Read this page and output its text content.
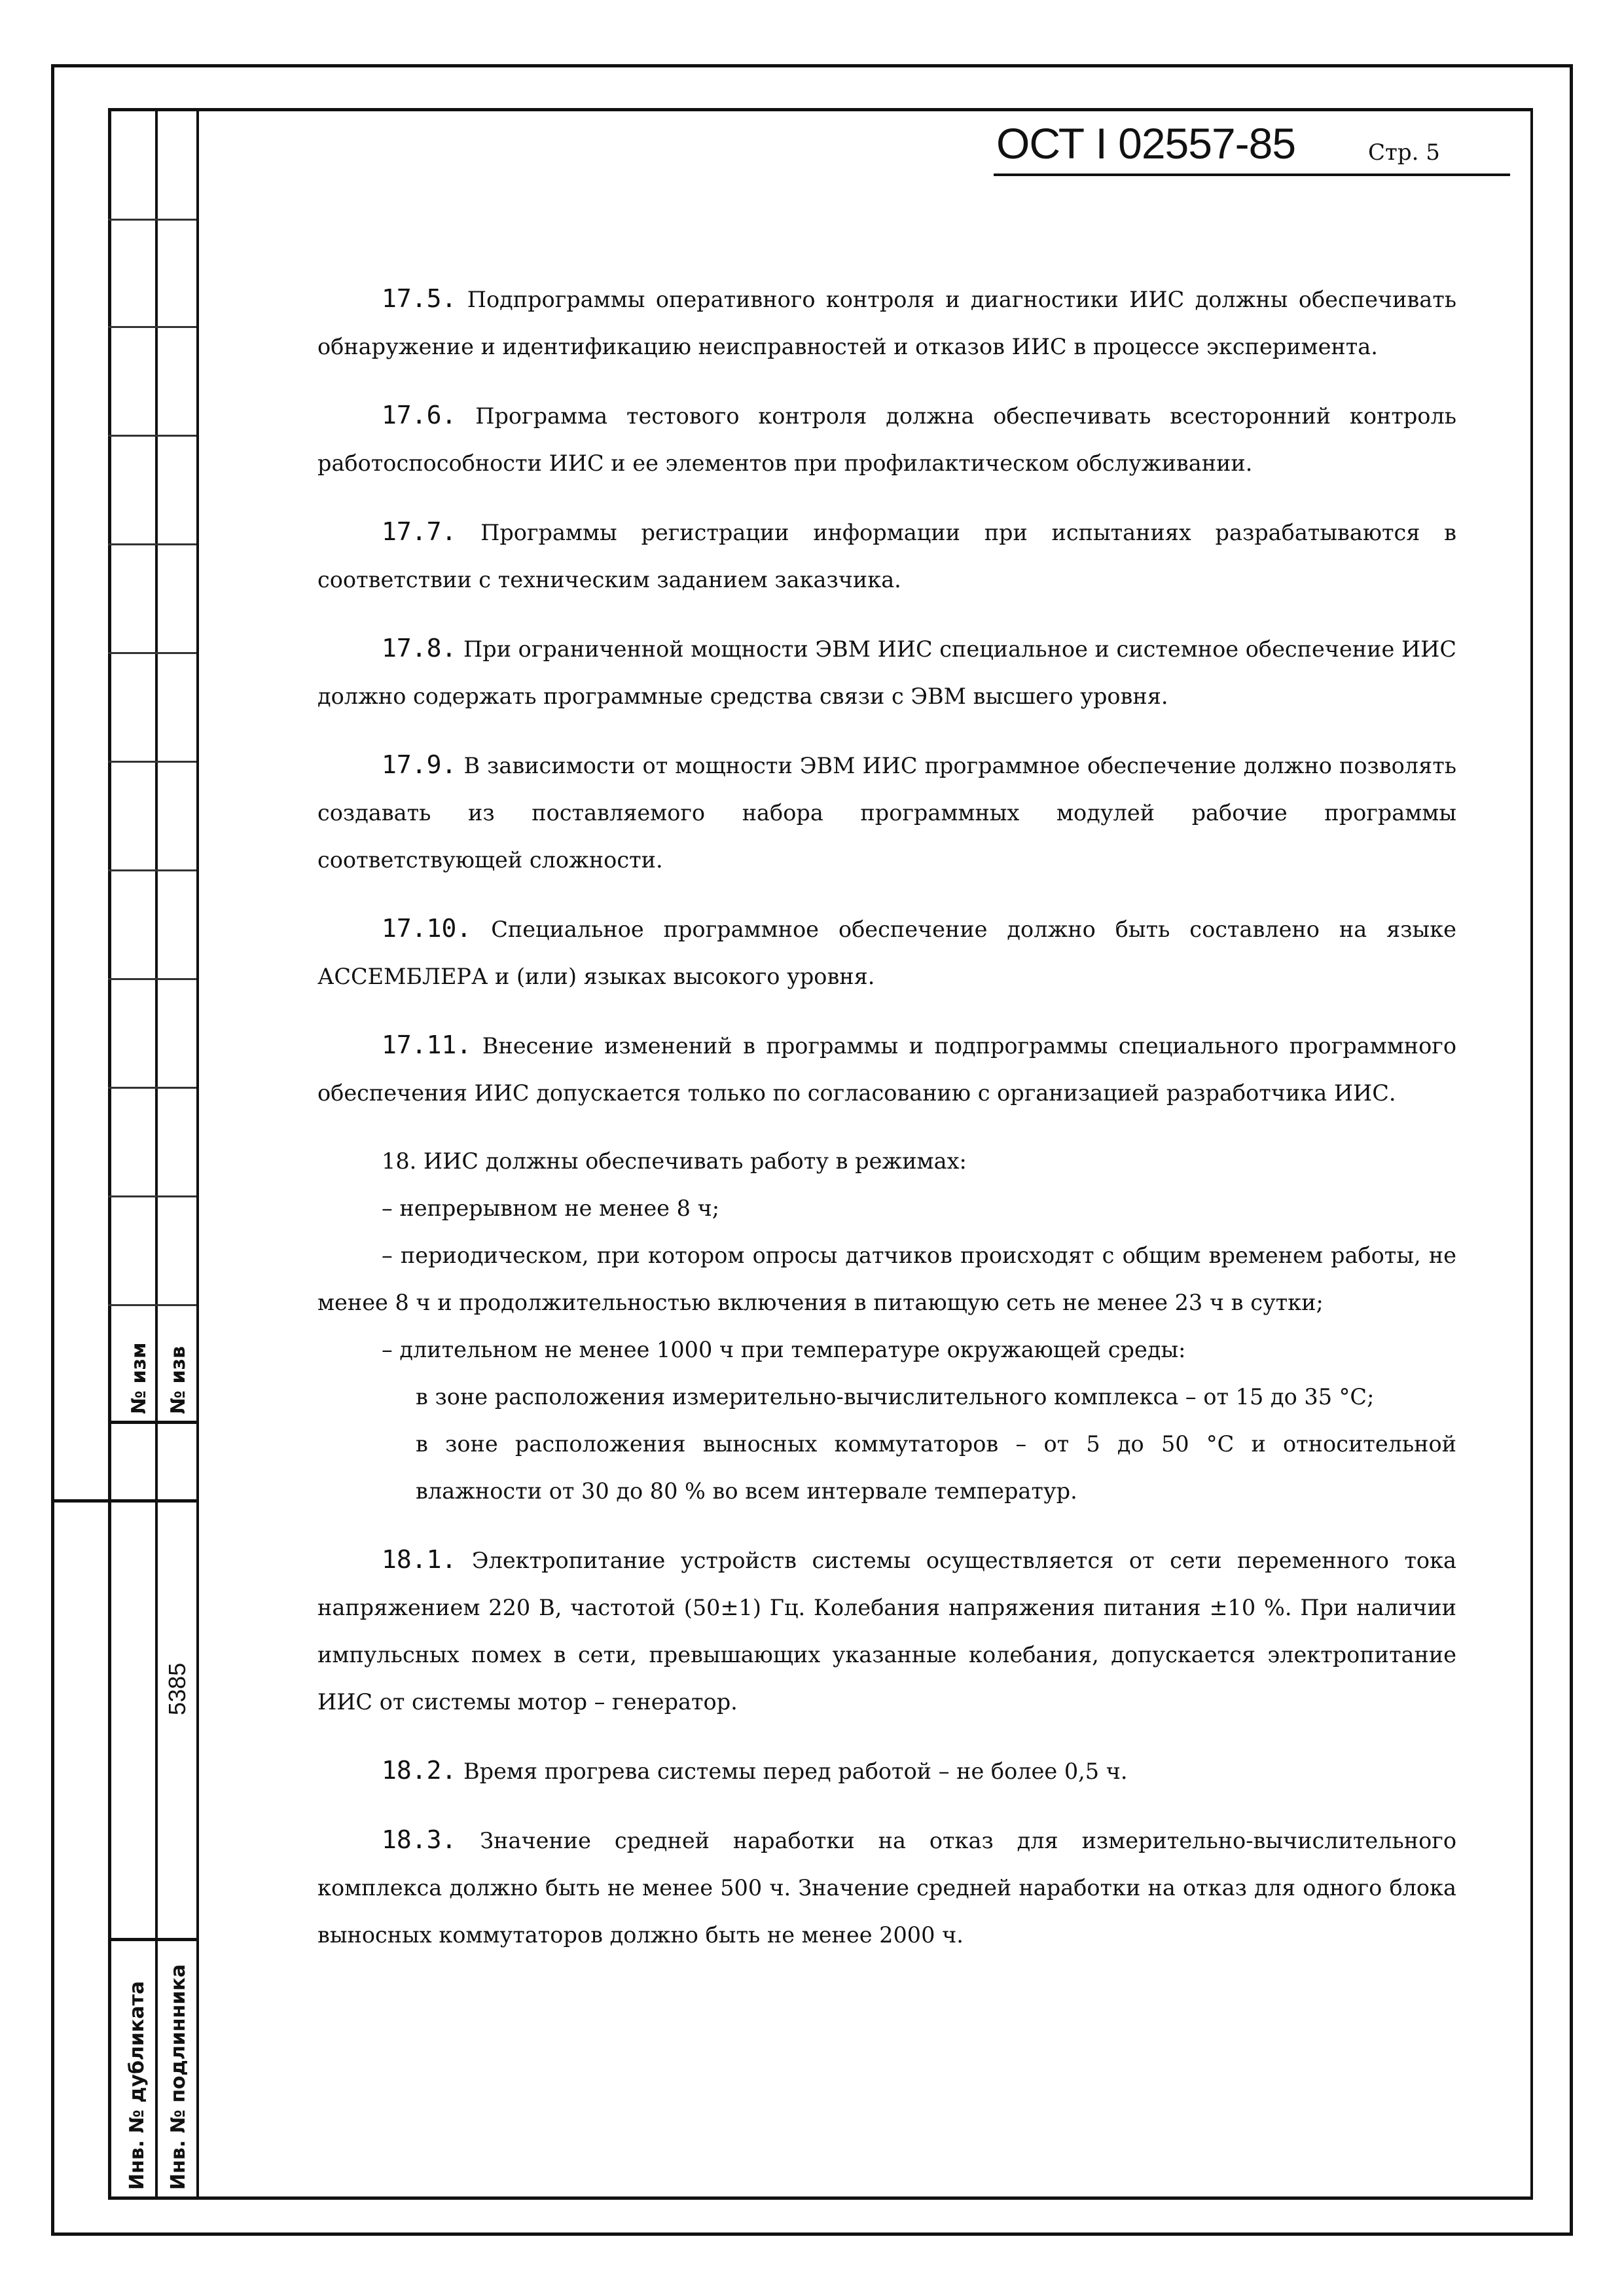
№ изм № изв
5385
Инв. № дубликата Инв. № подлинника
ОСТ I 02557-85	Стр. 5

17.5. Подпрограммы оперативного контроля и диагностики ИИС должны обеспечивать обнаружение и идентификацию неисправностей и отказов ИИС в процессе эксперимента.

17.6. Программа тестового контроля должна обеспечивать всесторонний контроль работоспособности ИИС и ее элементов при профилактическом обслуживании.

17.7. Программы регистрации информации при испытаниях разрабатываются в соответствии с техническим заданием заказчика.

17.8. При ограниченной мощности ЭВМ ИИС специальное и системное обеспечение ИИС должно содержать программные средства связи с ЭВМ высшего уровня.

17.9. В зависимости от мощности ЭВМ ИИС программное обеспечение должно позволять создавать из поставляемого набора программных модулей рабочие программы соответствующей сложности.

17.10. Специальное программное обеспечение должно быть составлено на языке АССЕМБЛЕРА и (или) языках высокого уровня.

17.11. Внесение изменений в программы и подпрограммы специального программного обеспечения ИИС допускается только по согласованию с организацией разработчика ИИС.

18. ИИС должны обеспечивать работу в режимах:

– непрерывном не менее 8 ч;

– периодическом, при котором опросы датчиков происходят с общим временем работы, не менее 8 ч и продолжительностью включения в питающую сеть не менее 23 ч в сутки;

– длительном не менее 1000 ч при температуре окружающей среды:

в зоне расположения измерительно-вычислительного комплекса – от 15 до 35 °С;

в зоне расположения выносных коммутаторов – от 5 до 50 °С и относительной влажности от 30 до 80 % во всем интервале температур.

18.1. Электропитание устройств системы осуществляется от сети переменного тока напряжением 220 В, частотой (50±1) Гц. Колебания напряжения питания ±10 %. При наличии импульсных помех в сети, превышающих указанные колебания, допускается электропитание ИИС от системы мотор – генератор.

18.2. Время прогрева системы перед работой – не более 0,5 ч.

18.3. Значение средней наработки на отказ для измерительно-вычислительного комплекса должно быть не менее 500 ч. Значение средней наработки на отказ для одного блока выносных коммутаторов должно быть не менее 2000 ч.
